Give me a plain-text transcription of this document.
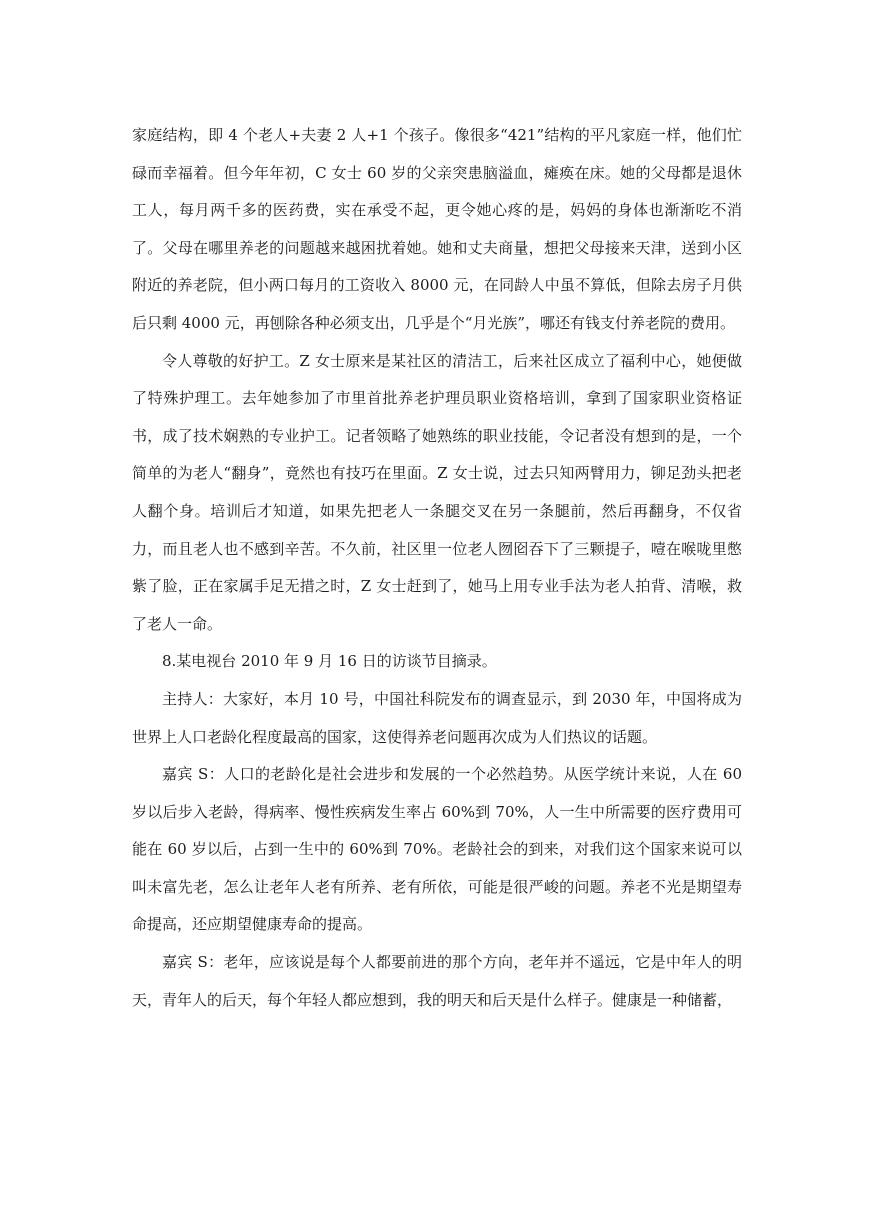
家庭结构，即 4 个老人+夫妻 2 人+1 个孩子。像很多“421”结构的平凡家庭一样，他们忙碌而幸福着。但今年年初，C 女士 60 岁的父亲突患脑溢血，瘫痪在床。她的父母都是退休工人，每月两千多的医药费，实在承受不起，更令她心疼的是，妈妈的身体也渐渐吃不消了。父母在哪里养老的问题越来越困扰着她。她和丈夫商量，想把父母接来天津，送到小区附近的养老院，但小两口每月的工资收入 8000 元，在同龄人中虽不算低，但除去房子月供后只剩 4000 元，再刨除各种必须支出，几乎是个“月光族”，哪还有钱支付养老院的费用。

令人尊敬的好护工。Z 女士原来是某社区的清洁工，后来社区成立了福利中心，她便做了特殊护理工。去年她参加了市里首批养老护理员职业资格培训，拿到了国家职业资格证书，成了技术娴熟的专业护工。记者领略了她熟练的职业技能，令记者没有想到的是，一个简单的为老人“翻身”，竟然也有技巧在里面。Z 女士说，过去只知两臂用力，铆足劲头把老人翻个身。培训后才知道，如果先把老人一条腿交叉在另一条腿前，然后再翻身，不仅省力，而且老人也不感到辛苦。不久前，社区里一位老人囫囵吞下了三颗提子，噎在喉咙里憋紫了脸，正在家属手足无措之时，Z 女士赶到了，她马上用专业手法为老人拍背、清喉，救了老人一命。

8.某电视台 2010 年 9 月 16 日的访谈节目摘录。

主持人：大家好，本月 10 号，中国社科院发布的调查显示，到 2030 年，中国将成为世界上人口老龄化程度最高的国家，这使得养老问题再次成为人们热议的话题。

嘉宾 S：人口的老龄化是社会进步和发展的一个必然趋势。从医学统计来说，人在 60 岁以后步入老龄，得病率、慢性疾病发生率占 60%到 70%，人一生中所需要的医疗费用可能在 60 岁以后，占到一生中的 60%到 70%。老龄社会的到来，对我们这个国家来说可以叫未富先老，怎么让老年人老有所养、老有所依，可能是很严峻的问题。养老不光是期望寿命提高，还应期望健康寿命的提高。

嘉宾 S：老年，应该说是每个人都要前进的那个方向，老年并不遥远，它是中年人的明天，青年人的后天，每个年轻人都应想到，我的明天和后天是什么样子。健康是一种储蓄，
